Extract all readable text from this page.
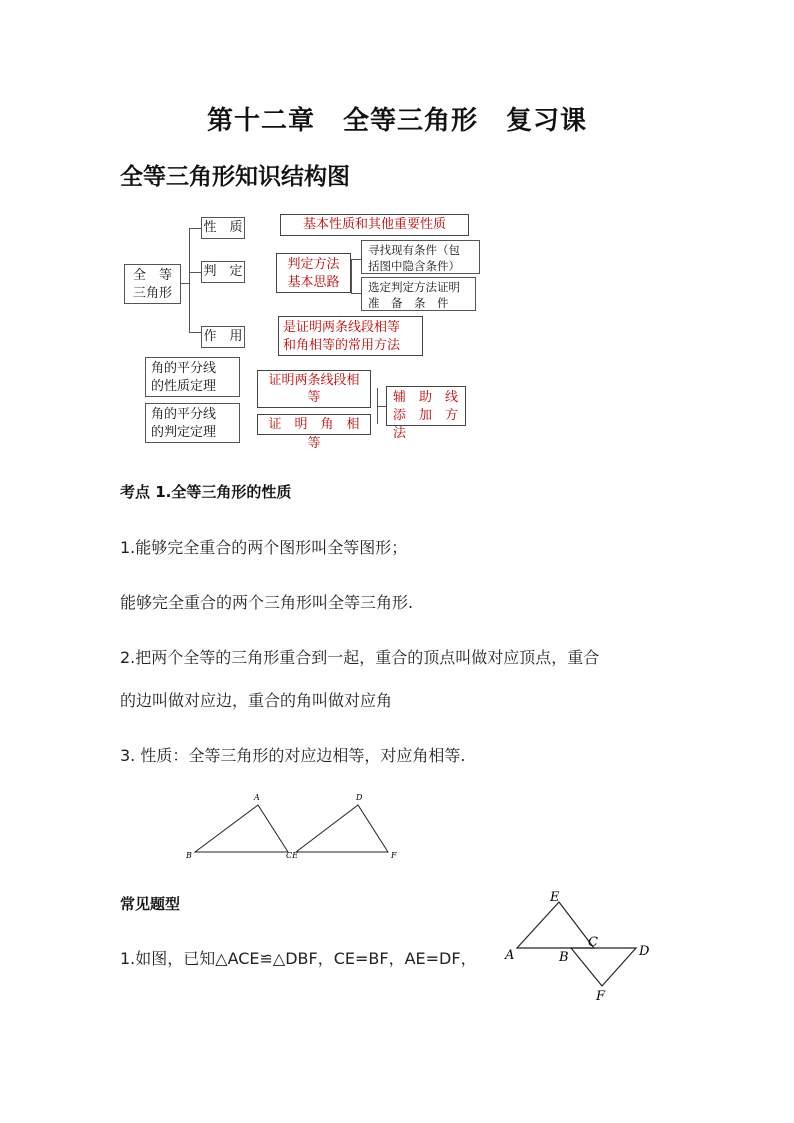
第十二章 全等三角形 复习课
全等三角形知识结构图
全　等
三角形
性　质
判　定
作　用
基本性质和其他重要性质
判定方法
基本思路
寻找现有条件（包
括图中隐含条件）
选定判定方法证明
准　备　条　件
是证明两条线段相等
和角相等的常用方法
角的平分线
的性质定理
角的平分线
的判定定理
证明两条线段相
等
证　明　角　相　等
辅　助　线
添　加　方　法
考点 1.全等三角形的性质
1.能够完全重合的两个图形叫全等图形；
能够完全重合的两个三角形叫全等三角形.
2.把两个全等的三角形重合到一起，重合的顶点叫做对应顶点，重合
的边叫做对应边，重合的角叫做对应角
3. 性质：全等三角形的对应边相等，对应角相等.
A
B	CE
D
F
常见题型
1.如图，已知△ACE≌△DBF，CE=BF，AE=DF，
E
A
C
B	D
F
